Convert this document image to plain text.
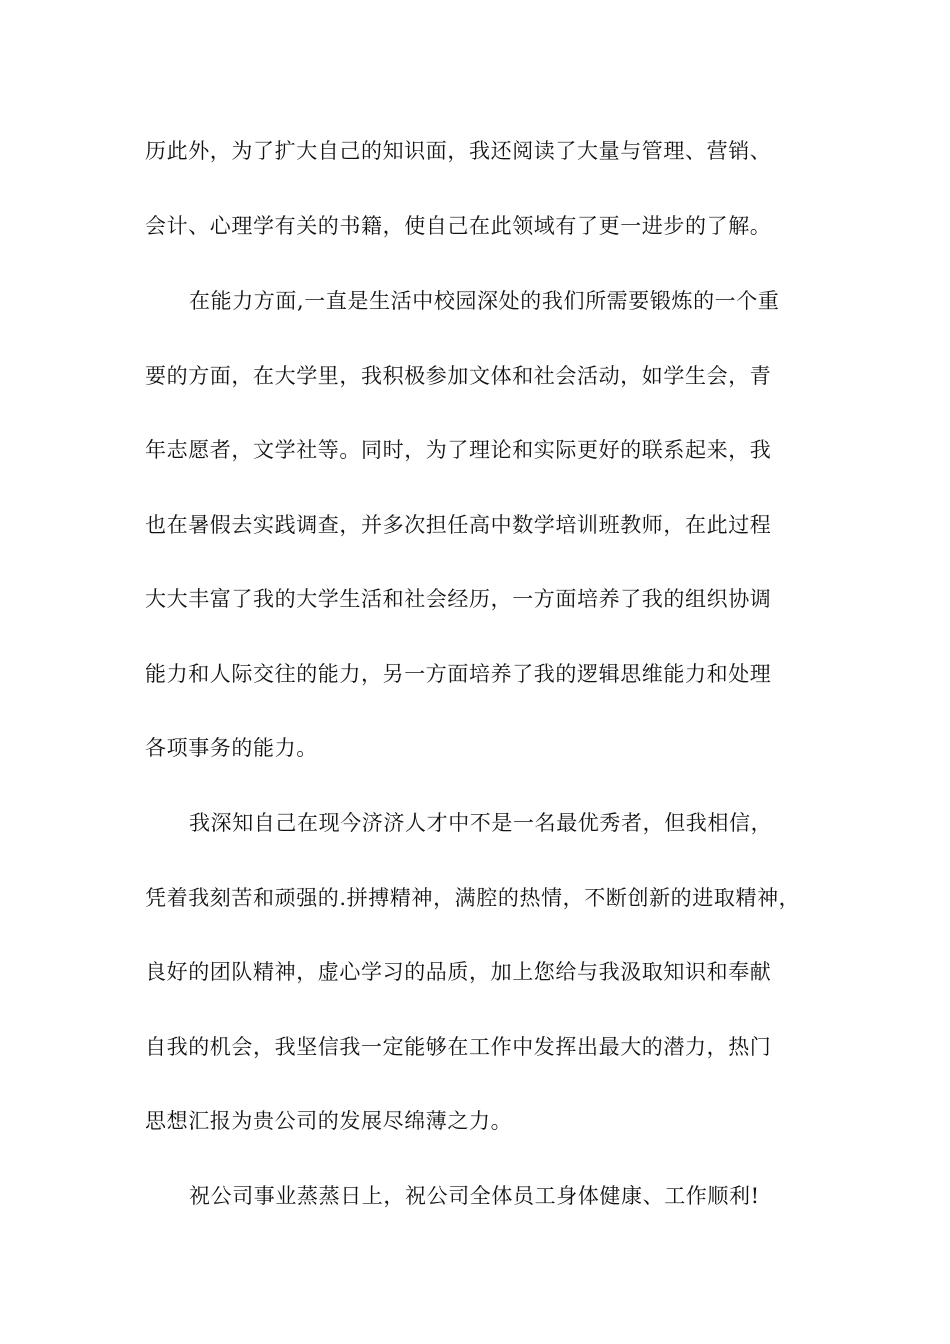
历此外，为了扩大自己的知识面，我还阅读了大量与管理、营销、
会计、心理学有关的书籍，使自己在此领域有了更一进步的了解。
在能力方面,一直是生活中校园深处的我们所需要锻炼的一个重
要的方面，在大学里，我积极参加文体和社会活动，如学生会，青
年志愿者，文学社等。同时，为了理论和实际更好的联系起来，我
也在暑假去实践调查，并多次担任高中数学培训班教师，在此过程
大大丰富了我的大学生活和社会经历，一方面培养了我的组织协调
能力和人际交往的能力，另一方面培养了我的逻辑思维能力和处理
各项事务的能力。
我深知自己在现今济济人才中不是一名最优秀者，但我相信，
凭着我刻苦和顽强的.拼搏精神，满腔的热情，不断创新的进取精神，
良好的团队精神，虚心学习的品质，加上您给与我汲取知识和奉献
自我的机会，我坚信我一定能够在工作中发挥出最大的潜力，热门
思想汇报为贵公司的发展尽绵薄之力。
祝公司事业蒸蒸日上，祝公司全体员工身体健康、工作顺利!
